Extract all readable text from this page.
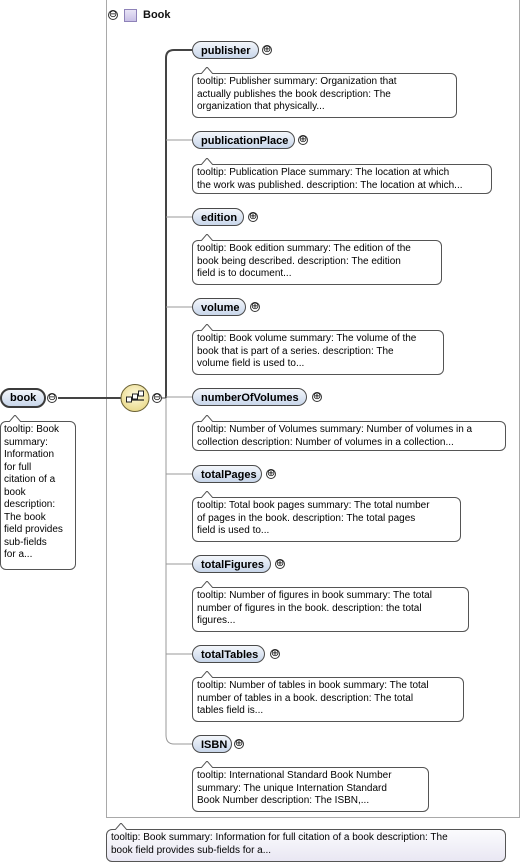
⊖ Book
book	⊖
tooltip: Book
summary:
Information
for full
citation of a
book
description:
The book
field provides
sub-fields
for a...
⊖
publisher	⊕
tooltip: Publisher summary: Organization that
actually publishes the book description: The
organization that physically...
publicationPlace	⊕
tooltip: Publication Place summary: The location at which
the work was published. description: The location at which...
edition	⊕
tooltip: Book edition summary: The edition of the
book being described. description: The edition
field is to document...
volume	⊕
tooltip: Book volume summary: The volume of the
book that is part of a series. description: The
volume field is used to...
numberOfVolumes	⊕
tooltip: Number of Volumes summary: Number of volumes in a
collection description: Number of volumes in a collection...
totalPages	⊕
tooltip: Total book pages summary: The total number
of pages in the book. description: The total pages
field is used to...
totalFigures	⊕
tooltip: Number of figures in book summary: The total
number of figures in the book. description: the total
figures...
totalTables	⊕
tooltip: Number of tables in book summary: The total
number of tables in a book. description: The total
tables field is...
ISBN ⊕
tooltip: International Standard Book Number
summary: The unique Internation Standard
Book Number description: The ISBN,...
tooltip: Book summary: Information for full citation of a book description: The
book field provides sub-fields for a...
